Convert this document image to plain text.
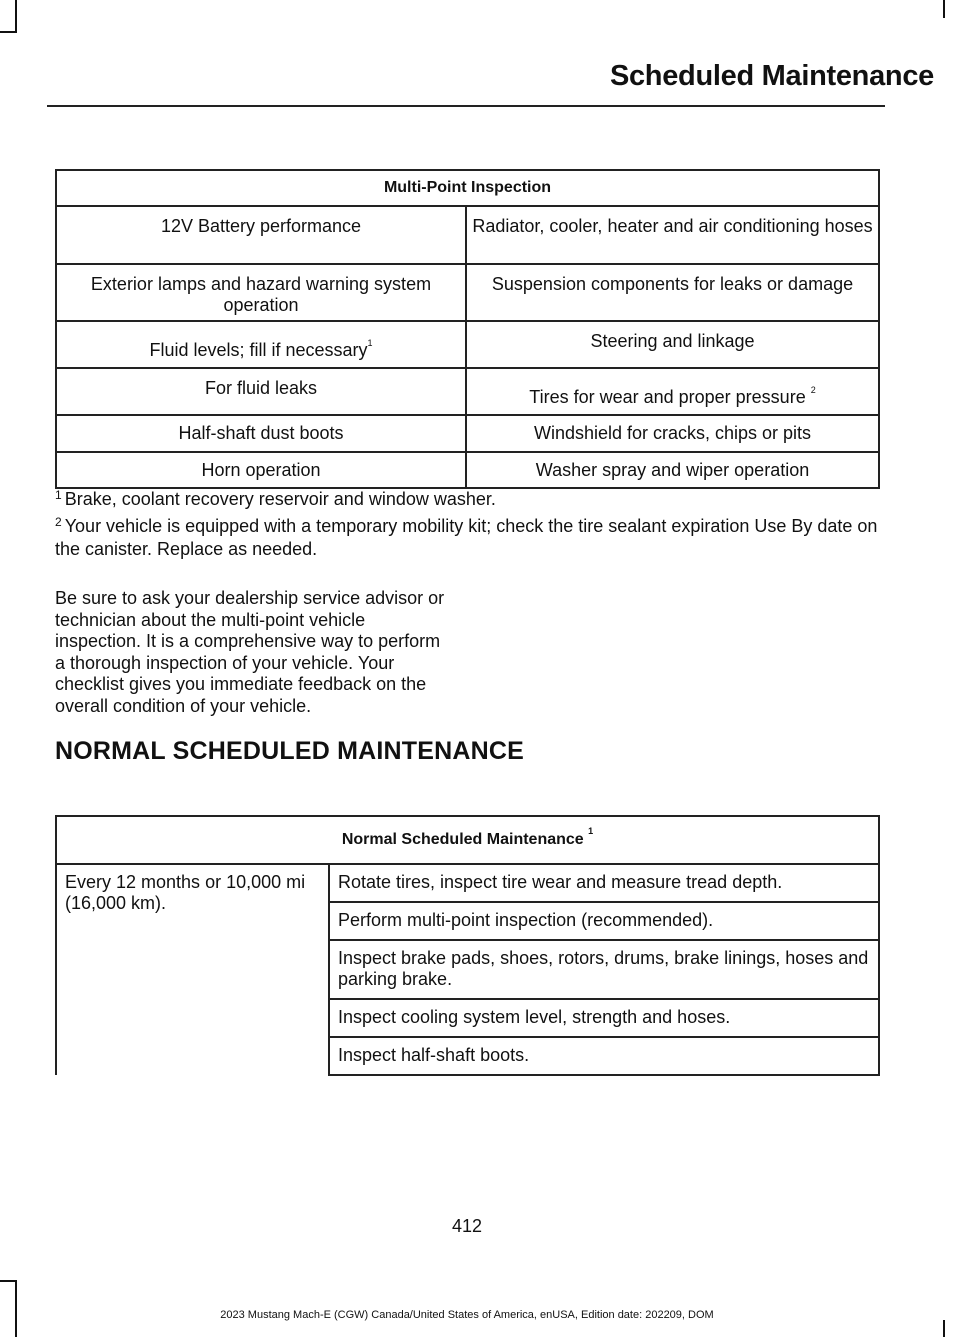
Scheduled Maintenance
Multi-Point Inspection	
12V Battery performance	Radiator, cooler, heater and air conditioning hoses
Exterior lamps and hazard warning system operation	Suspension components for leaks or damage
Fluid levels; fill if necessary$^1$	Steering and linkage
For fluid leaks	Tires for wear and proper pressure $^2$
Half-shaft dust boots	Windshield for cracks, chips or pits
Horn operation	Washer spray and wiper operation

$^1$ Brake, coolant recovery reservoir and window washer.

$^2$ Your vehicle is equipped with a temporary mobility kit; check the tire sealant expiration Use By date on the canister. Replace as needed.

Be sure to ask your dealership service advisor or technician about the multi-point vehicle inspection. It is a comprehensive way to perform a thorough inspection of your vehicle. Your checklist gives you immediate feedback on the overall condition of your vehicle.
NORMAL SCHEDULED MAINTENANCE
Normal Scheduled Maintenance $^1$
Every 12 months or 10,000 mi (16,000 km).	Rotate tires, inspect tire wear and measure tread depth.
Perform multi-point inspection (recommended).
Inspect brake pads, shoes, rotors, drums, brake linings, hoses and parking brake.
Inspect cooling system level, strength and hoses.
Inspect half-shaft boots.
412
2023 Mustang Mach-E (CGW) Canada/United States of America, enUSA, Edition date: 202209, DOM
